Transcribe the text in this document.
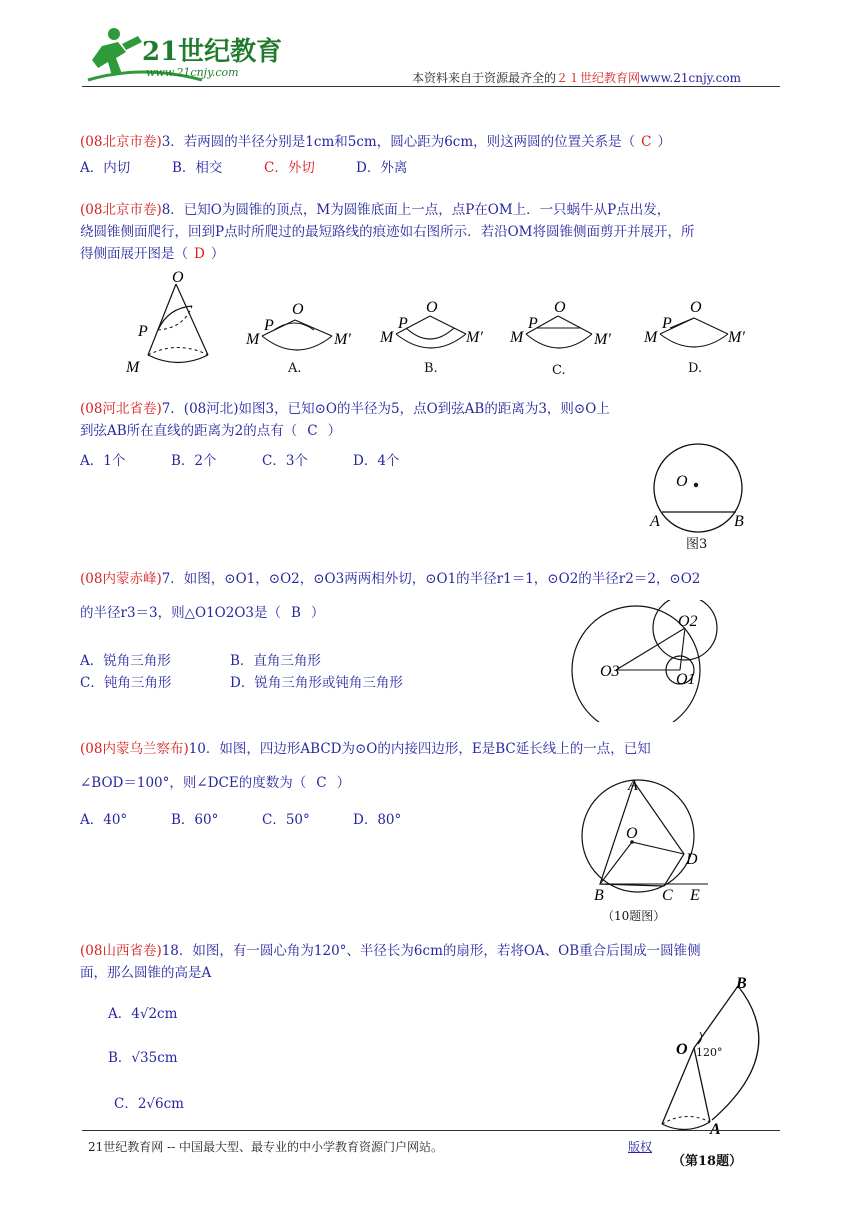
21世纪教育
www.21cnjy.com	本资料来自于资源最齐全的２１世纪教育网www.21cnjy.com
(08北京市卷)3．若两圆的半径分别是1cm和5cm，圆心距为6cm，则这两圆的位置关系是（ C ）
A．内切	B．相交	C．外切	D．外离
(08北京市卷)8．已知O为圆锥的顶点，M为圆锥底面上一点，点P在OM上．一只蜗牛从P点出发，
绕圆锥侧面爬行，回到P点时所爬过的最短路线的痕迹如右图所示．若沿OM将圆锥侧面剪开并展开，所
得侧面展开图是（ D ）
O
P
M
O
P
M	M′
A.
O
P
M	M′
B.
O
P
M	M′
C.
O
P
M	M′
D.
(08河北省卷)7．(08河北)如图3，已知⊙O的半径为5，点O到弦AB的距离为3，则⊙O上
到弦AB所在直线的距离为2的点有（ C ）
A．1个	B．2个	C．3个	D．4个
O
A	B
图3
(08内蒙赤峰)7．如图，⊙O1，⊙O2，⊙O3两两相外切，⊙O1的半径r1＝1，⊙O2的半径r2＝2，⊙O2
的半径r3＝3，则△O1O2O3是（ B ）
A．锐角三角形	B．直角三角形
C．钝角三角形	D．锐角三角形或钝角三角形
O2
O3	O1
(08内蒙乌兰察布)10．如图，四边形ABCD为⊙O的内接四边形，E是BC延长线上的一点，已知
∠BOD＝100°，则∠DCE的度数为（ C ）
A．40°	B．60°	C．50°	D．80°
A
O
D
B	C E
（10题图）
(08山西省卷)18．如图，有一圆心角为120°、半径长为6cm的扇形，若将OA、OB重合后围成一圆锥侧
面，那么圆锥的高是A
A．4√2cm
B．√35cm
C．2√6cm
B
O 120°
A
21世纪教育网 -- 中国最大型、最专业的中小学教育资源门户网站。	版权
（第18题）
